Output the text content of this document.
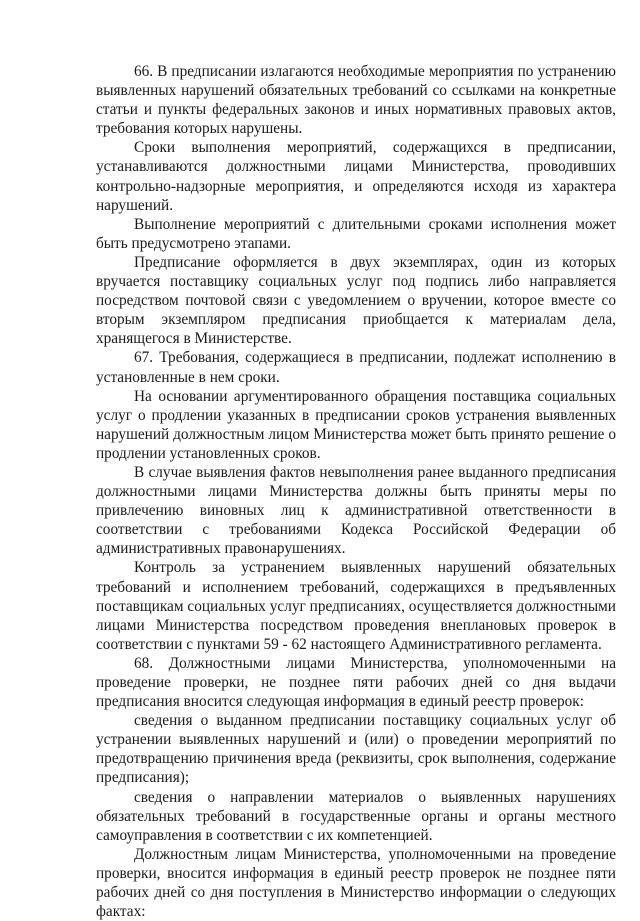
66. В предписании излагаются необходимые мероприятия по устранению выявленных нарушений обязательных требований со ссылками на конкретные статьи и пункты федеральных законов и иных нормативных правовых актов, требования которых нарушены.

Сроки выполнения мероприятий, содержащихся в предписании, устанавливаются должностными лицами Министерства, проводивших контрольно-надзорные мероприятия, и определяются исходя из характера нарушений.

Выполнение мероприятий с длительными сроками исполнения может быть предусмотрено этапами.

Предписание оформляется в двух экземплярах, один из которых вручается поставщику социальных услуг под подпись либо направляется посредством почтовой связи с уведомлением о вручении, которое вместе со вторым экземпляром предписания приобщается к материалам дела, хранящегося в Министерстве.

67. Требования, содержащиеся в предписании, подлежат исполнению в установленные в нем сроки.

На основании аргументированного обращения поставщика социальных услуг о продлении указанных в предписании сроков устранения выявленных нарушений должностным лицом Министерства может быть принято решение о продлении установленных сроков.

В случае выявления фактов невыполнения ранее выданного предписания должностными лицами Министерства должны быть приняты меры по привлечению виновных лиц к административной ответственности в соответствии с требованиями Кодекса Российской Федерации об административных правонарушениях.

Контроль за устранением выявленных нарушений обязательных требований и исполнением требований, содержащихся в предъявленных поставщикам социальных услуг предписаниях, осуществляется должностными лицами Министерства посредством проведения внеплановых проверок в соответствии с пунктами 59 - 62 настоящего Административного регламента.

68. Должностными лицами Министерства, уполномоченными на проведение проверки, не позднее пяти рабочих дней со дня выдачи предписания вносится следующая информация в единый реестр проверок:

сведения о выданном предписании поставщику социальных услуг об устранении выявленных нарушений и (или) о проведении мероприятий по предотвращению причинения вреда (реквизиты, срок выполнения, содержание предписания);

сведения о направлении материалов о выявленных нарушениях обязательных требований в государственные органы и органы местного самоуправления в соответствии с их компетенцией.

Должностным лицам Министерства, уполномоченными на проведение проверки, вносится информация в единый реестр проверок не позднее пяти рабочих дней со дня поступления в Министерство информации о следующих фактах:
